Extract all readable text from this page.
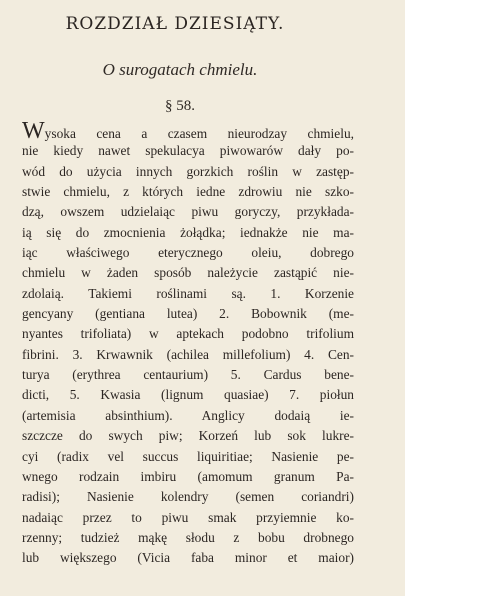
ROZDZIAŁ DZIESIĄTY.
O surogatach chmielu.
§ 58.
Wysoka cena a czasem nieurodzay chmielu,
nie kiedy nawet spekulacya piwowarów dały po-
wód do użycia innych gorzkich roślin w zastęp-
stwie chmielu, z których iedne zdrowiu nie szko-
dzą, owszem udzielaiąc piwu goryczy, przykłada-
ią się do zmocnienia żołądka; iednakże nie ma-
iąc właściwego eterycznego oleiu, dobrego
chmielu w żaden sposób należycie zastąpić nie-
zdolaią. Takiemi roślinami są. 1. Korzenie
gencyany (gentiana lutea) 2. Bobownik (me-
nyantes trifoliata) w aptekach podobno trifolium
fibrini. 3. Krwawnik (achilea millefolium) 4. Cen-
turya (erythrea centaurium) 5. Cardus bene-
dicti, 5. Kwasia (lignum quasiae) 7. piołun
(artemisia absinthium). Anglicy dodaią ie-
szczcze do swych piw; Korzeń lub sok lukre-
cyi (radix vel succus liquiritiae; Nasienie pe-
wnego rodzain imbiru (amomum granum Pa-
radisi); Nasienie kolendry (semen coriandri)
nadaiąc przez to piwu smak przyiemnie ko-
rzenny; tudzież mąkę słodu z bobu drobnego
lub większego (Vicia faba minor et maior)
